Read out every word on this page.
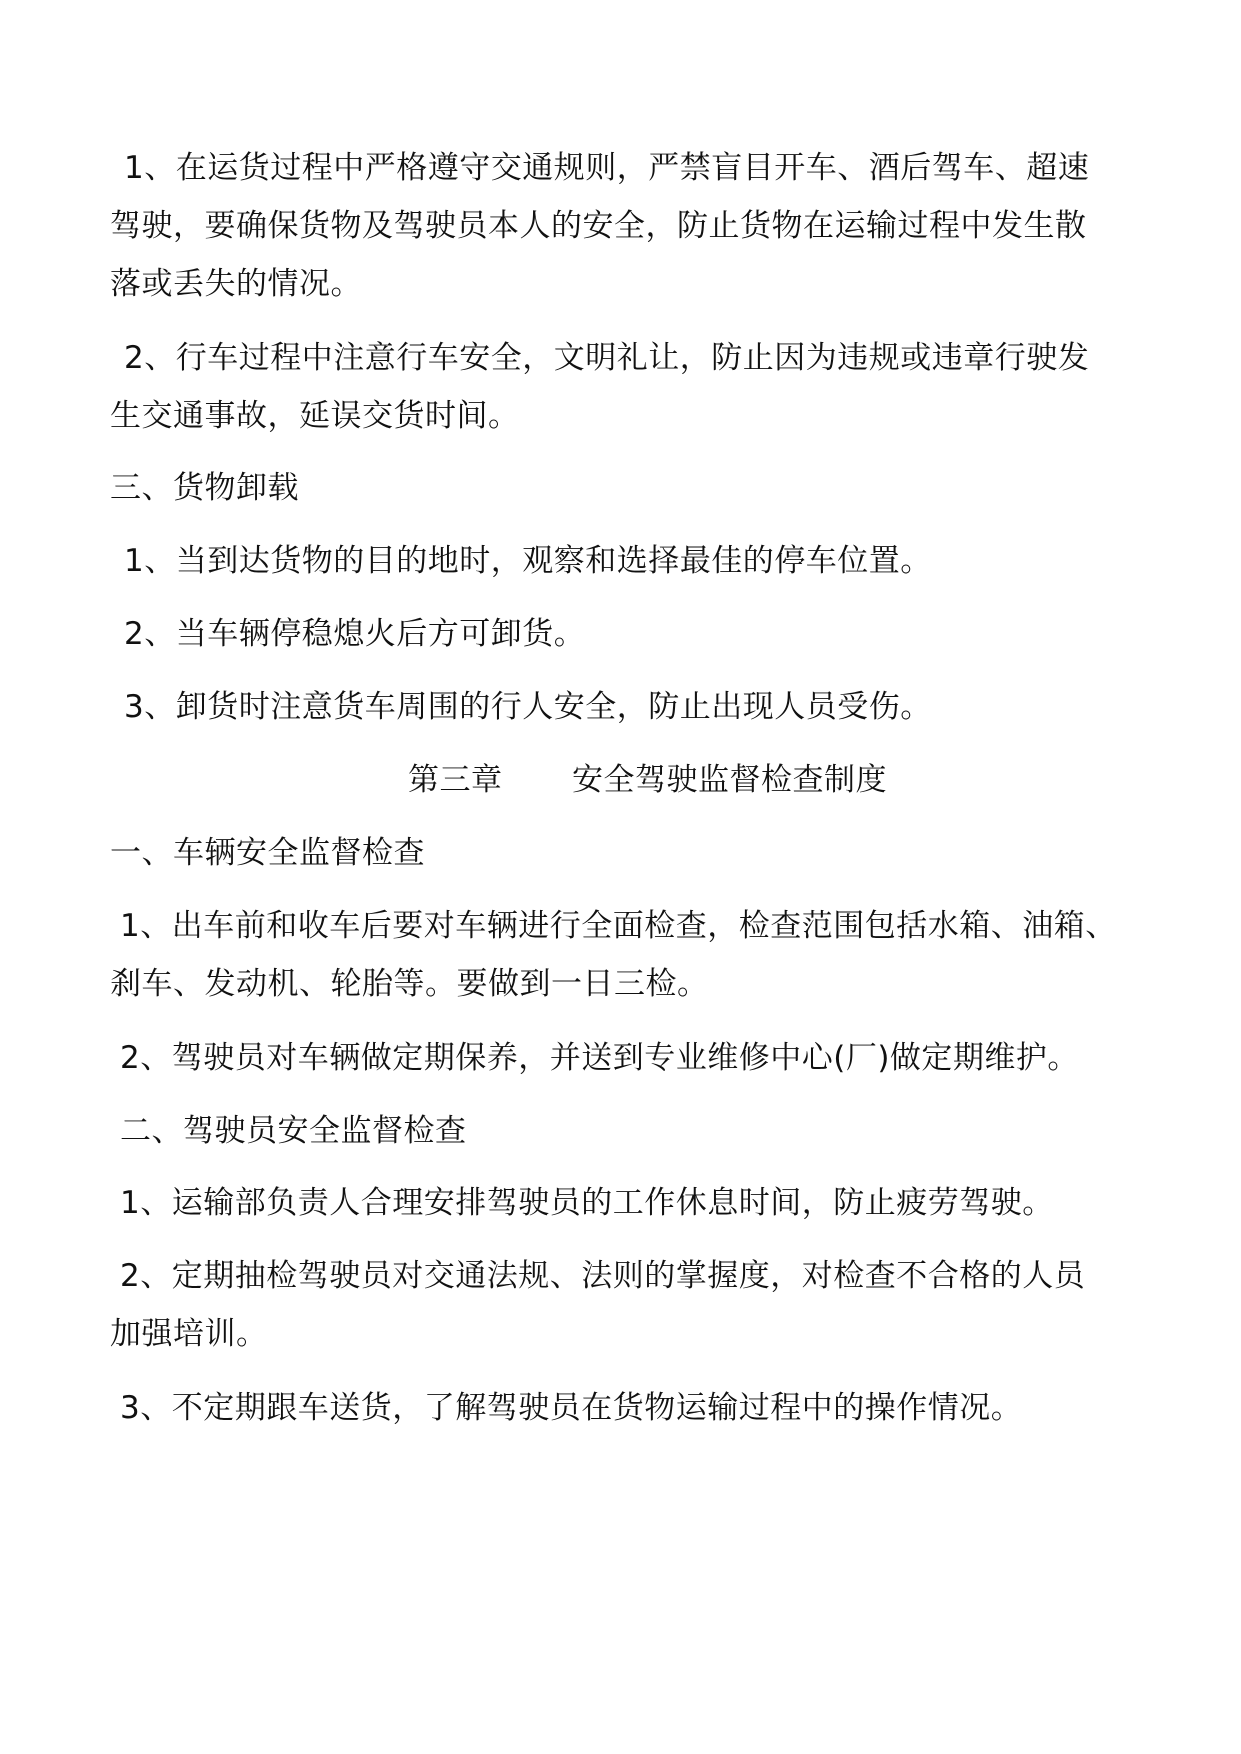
1、在运货过程中严格遵守交通规则，严禁盲目开车、酒后驾车、超速
驾驶，要确保货物及驾驶员本人的安全，防止货物在运输过程中发生散
落或丢失的情况。
2、行车过程中注意行车安全，文明礼让，防止因为违规或违章行驶发
生交通事故，延误交货时间。
三、货物卸载
1、当到达货物的目的地时，观察和选择最佳的停车位置。
2、当车辆停稳熄火后方可卸货。
3、卸货时注意货车周围的行人安全，防止出现人员受伤。
第三章 安全驾驶监督检查制度
一、车辆安全监督检查
1、出车前和收车后要对车辆进行全面检查，检查范围包括水箱、油箱、
刹车、发动机、轮胎等。要做到一日三检。
2、驾驶员对车辆做定期保养，并送到专业维修中心(厂)做定期维护。
二、驾驶员安全监督检查
1、运输部负责人合理安排驾驶员的工作休息时间，防止疲劳驾驶。
2、定期抽检驾驶员对交通法规、法则的掌握度，对检查不合格的人员
加强培训。
3、不定期跟车送货，了解驾驶员在货物运输过程中的操作情况。
